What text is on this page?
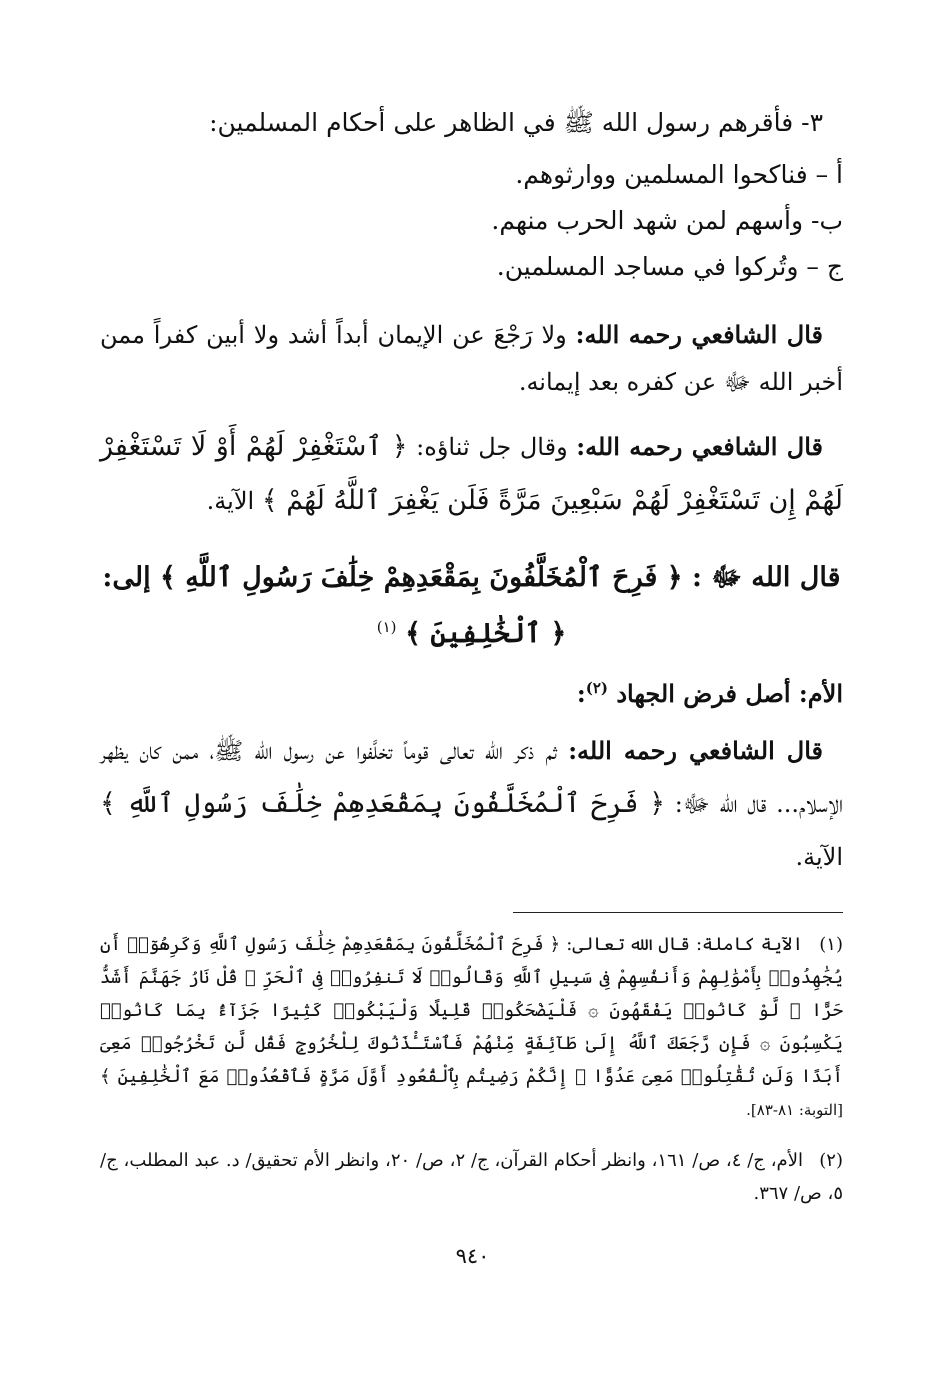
٣- فأقرهم رسول الله ﷺ في الظاهر على أحكام المسلمين:
أ – فناكحوا المسلمين ووارثوهم.
ب- وأسهم لمن شهد الحرب منهم.
ج – وتُركوا في مساجد المسلمين.
قال الشافعي رحمه الله: ولا رَجْعَ عن الإيمان أبداً أشد ولا أبين كفراً ممن أخبر الله ﷻ عن كفره بعد إيمانه.
قال الشافعي رحمه الله: وقال جل ثناؤه: ﴿ ٱسْتَغْفِرْ لَهُمْ أَوْ لَا تَسْتَغْفِرْ لَهُمْ إِن تَسْتَغْفِرْ لَهُمْ سَبْعِينَ مَرَّةً فَلَن يَغْفِرَ ٱللَّهُ لَهُمْ ﴾ الآية.
قال الله ﷻ : ﴿ فَرِحَ ٱلْمُخَلَّفُونَ بِمَقْعَدِهِمْ خِلَٰفَ رَسُولِ ٱللَّهِ ﴾ إلى:
﴿ ٱلْخَٰلِفِينَ ﴾ $^{(١)}$
الأم: أصل فرض الجهاد $^{(٢)}$:
قال الشافعي رحمه الله: ثم ذكر الله تعالى قوماً تخلَّفوا عن رسول الله ﷺ، ممن كان يظهر الإسلام... قال الله ﷻ: ﴿ فَرِحَ ٱلْمُخَلَّفُونَ بِمَقْعَدِهِمْ خِلَٰفَ رَسُولِ ٱللَّهِ ﴾ الآية.
(١)الآية كاملة: قال الله تعالى: ﴿ فَرِحَ ٱلْمُخَلَّفُونَ بِمَقْعَدِهِمْ خِلَٰفَ رَسُولِ ٱللَّهِ وَكَرِهُوٓا۟ أَن يُجَٰهِدُوا۟ بِأَمْوَٰلِهِمْ وَأَنفُسِهِمْ فِى سَبِيلِ ٱللَّهِ وَقَالُوا۟ لَا تَنفِرُوا۟ فِى ٱلْحَرِّ ۗ قُلْ نَارُ جَهَنَّمَ أَشَدُّ حَرًّا ۚ لَّوْ كَانُوا۟ يَفْقَهُونَ ۞ فَلْيَضْحَكُوا۟ قَلِيلًا وَلْيَبْكُوا۟ كَثِيرًا جَزَآءًۢ بِمَا كَانُوا۟ يَكْسِبُونَ ۞ فَإِن رَّجَعَكَ ٱللَّهُ إِلَىٰ طَآئِفَةٍ مِّنْهُمْ فَٱسْتَـْٔذَنُوكَ لِلْخُرُوجِ فَقُل لَّن تَخْرُجُوا۟ مَعِىَ أَبَدًا وَلَن تُقَٰتِلُوا۟ مَعِىَ عَدُوًّا ۖ إِنَّكُمْ رَضِيتُم بِٱلْقُعُودِ أَوَّلَ مَرَّةٍ فَٱقْعُدُوا۟ مَعَ ٱلْخَٰلِفِينَ ﴾ [التوبة: ٨١-٨٣].
(٢)الأم، ج/ ٤، ص/ ١٦١، وانظر أحكام القرآن، ج/ ٢، ص/ ٢٠، وانظر الأم تحقيق/ د. عبد المطلب، ج/ ٥، ص/ ٣٦٧.
٩٤٠
